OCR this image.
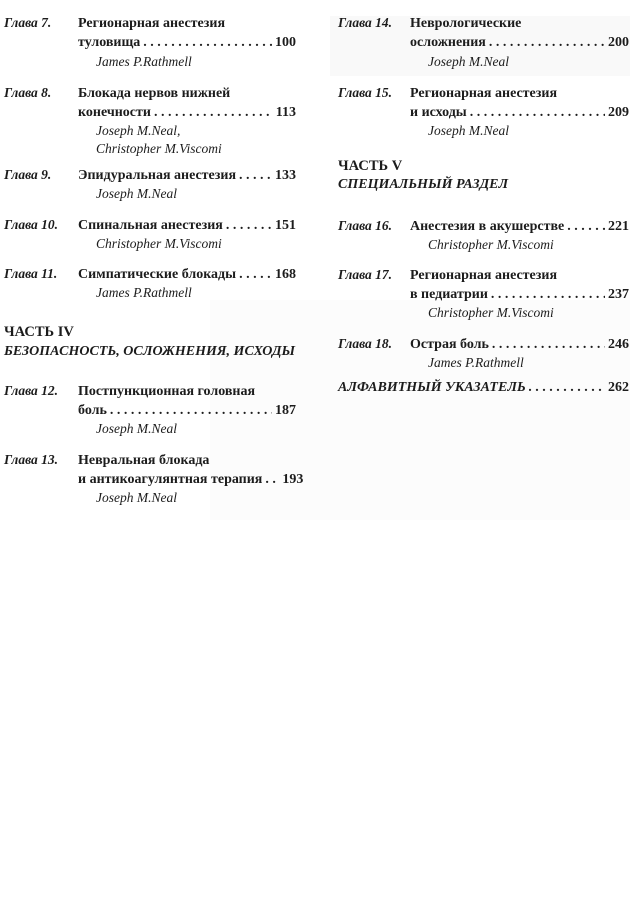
Глава 7. Регионарная анестезия
туловища . . .	100
James P.Rathmell
Глава 8. Блокада нервов нижней
конечности . . .	113
Joseph M.Neal,
Christopher M.Viscomi
Глава 9. Эпидуральная анестезия . . .	133
Joseph M.Neal
Глава 10. Спинальная анестезия . . .	151
Christopher M.Viscomi
Глава 11. Симпатические блокады . . .	168
James P.Rathmell
ЧАСТЬ IV
БЕЗОПАСНОСТЬ, ОСЛОЖНЕНИЯ, ИСХОДЫ
Глава 12. Постпункционная головная
боль . . .	187
Joseph M.Neal
Глава 13. Невральная блокада
и антикоагулянтная терапия . . . 193
Joseph M.Neal
Глава 14. Неврологические
осложнения . . .	200
Joseph M.Neal
Глава 15. Регионарная анестезия
и исходы . . .	209
Joseph M.Neal
ЧАСТЬ V
СПЕЦИАЛЬНЫЙ РАЗДЕЛ
Глава 16. Анестезия в акушерстве . . .	221
Christopher M.Viscomi
Глава 17. Регионарная анестезия
в педиатрии . . .	237
Christopher M.Viscomi
Глава 18. Острая боль . . .	246
James P.Rathmell
АЛФАВИТНЫЙ УКАЗАТЕЛЬ . . .	262
